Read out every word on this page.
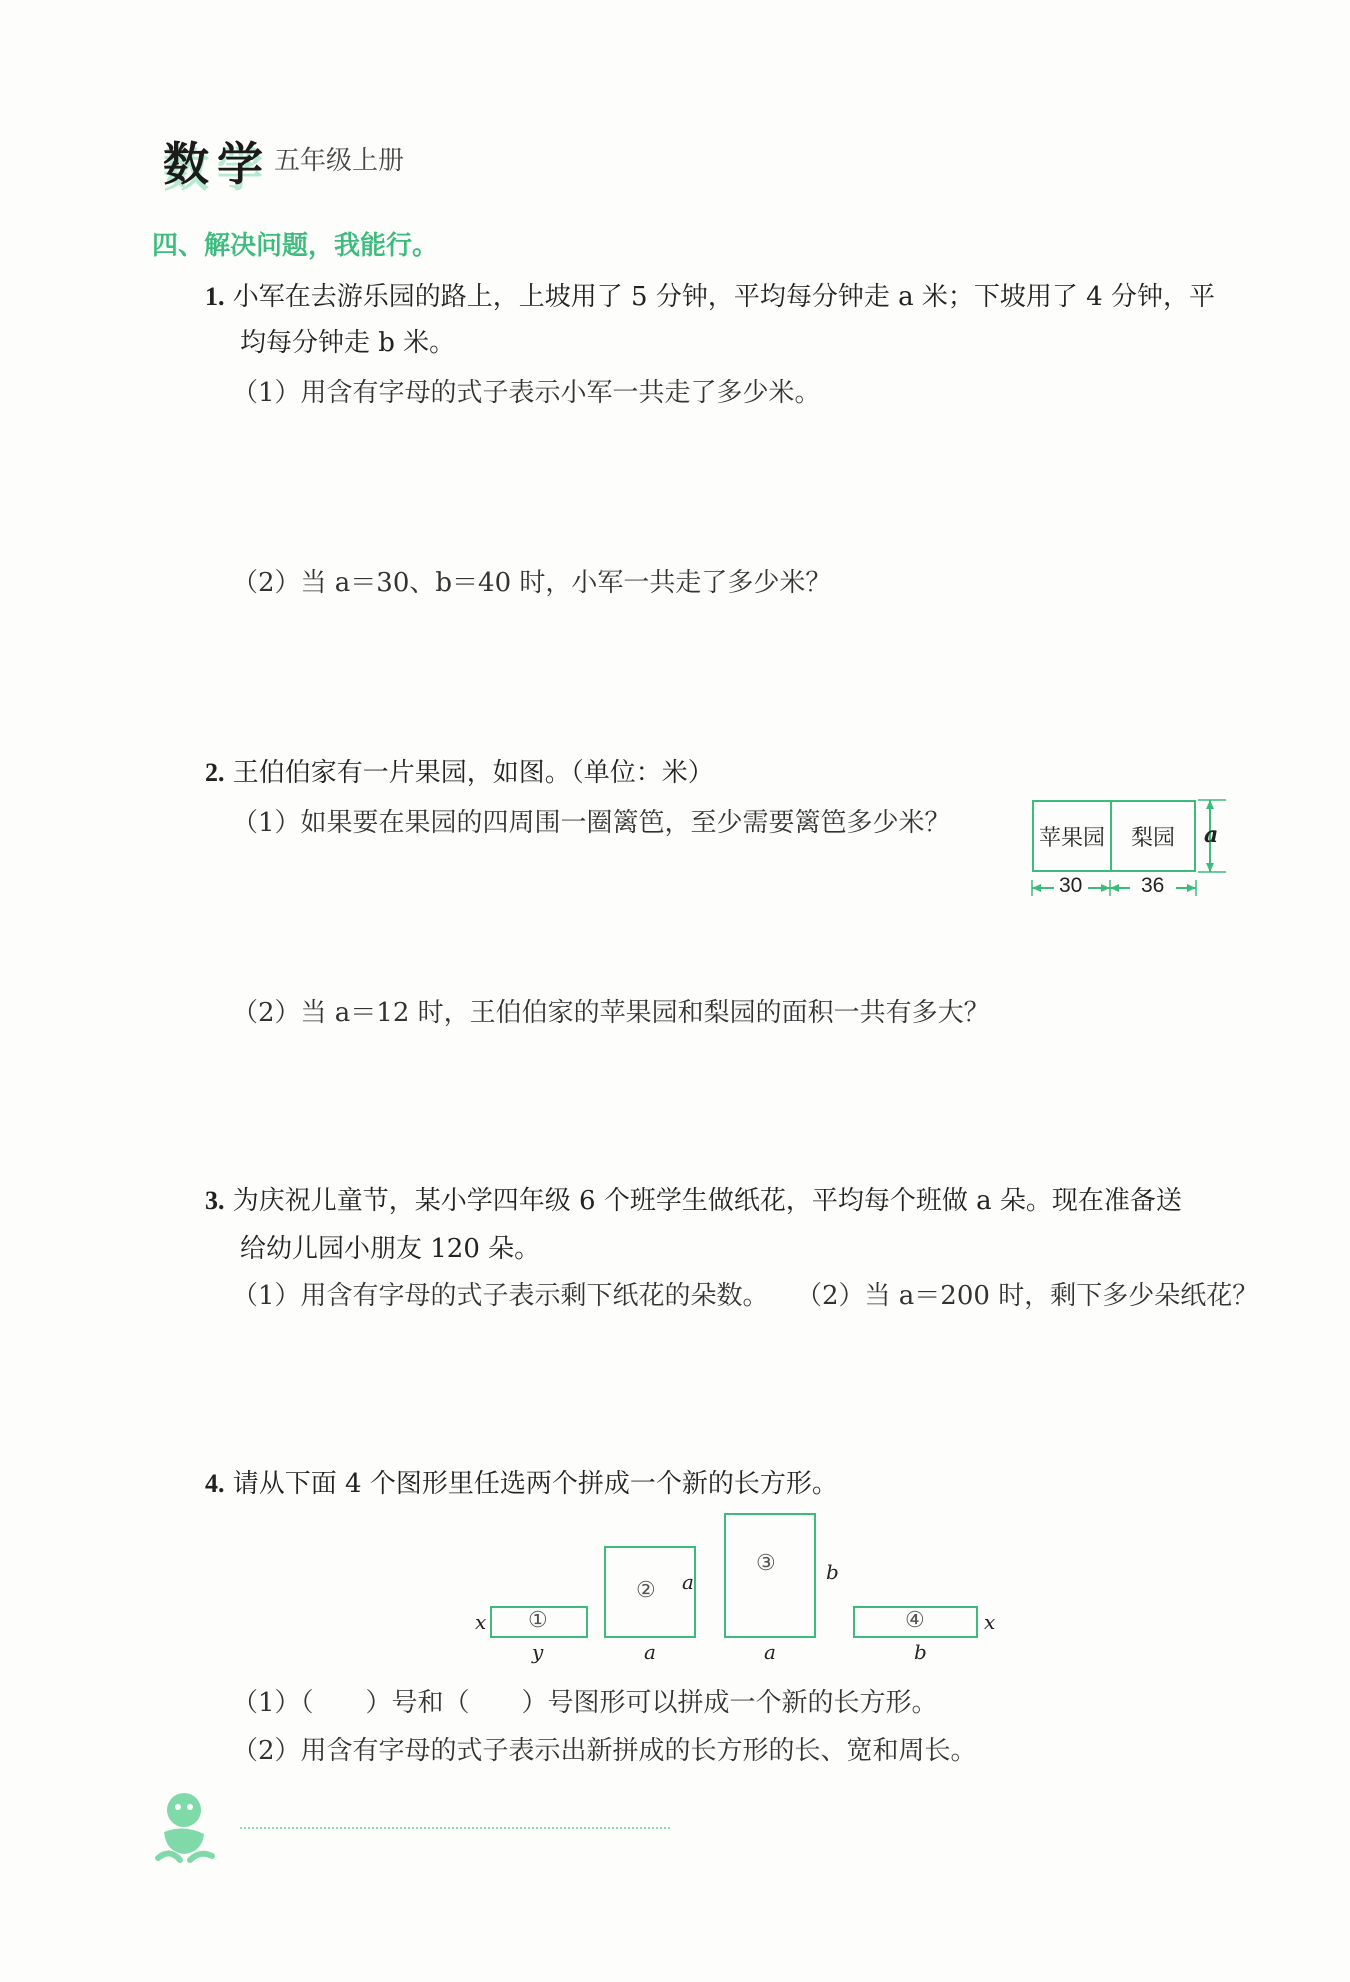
数学 五年级上册
四、解决问题，我能行。
1. 小军在去游乐园的路上，上坡用了 5 分钟，平均每分钟走 a 米；下坡用了 4 分钟，平
均每分钟走 b 米。
（1）用含有字母的式子表示小军一共走了多少米。
（2）当 a＝30、b＝40 时，小军一共走了多少米？
2. 王伯伯家有一片果园，如图。（单位：米）
（1）如果要在果园的四周围一圈篱笆，至少需要篱笆多少米？
（2）当 a＝12 时，王伯伯家的苹果园和梨园的面积一共有多大？
苹果园	梨园	a
30	36
3. 为庆祝儿童节，某小学四年级 6 个班学生做纸花，平均每个班做 a 朵。现在准备送
给幼儿园小朋友 120 朵。
（1）用含有字母的式子表示剩下纸花的朵数。 （2）当 a＝200 时，剩下多少朵纸花？
4. 请从下面 4 个图形里任选两个拼成一个新的长方形。
①
x
y
② a
a
③	b
a
④	x
b
（1）（　　）号和（　　）号图形可以拼成一个新的长方形。
（2）用含有字母的式子表示出新拼成的长方形的长、宽和周长。
